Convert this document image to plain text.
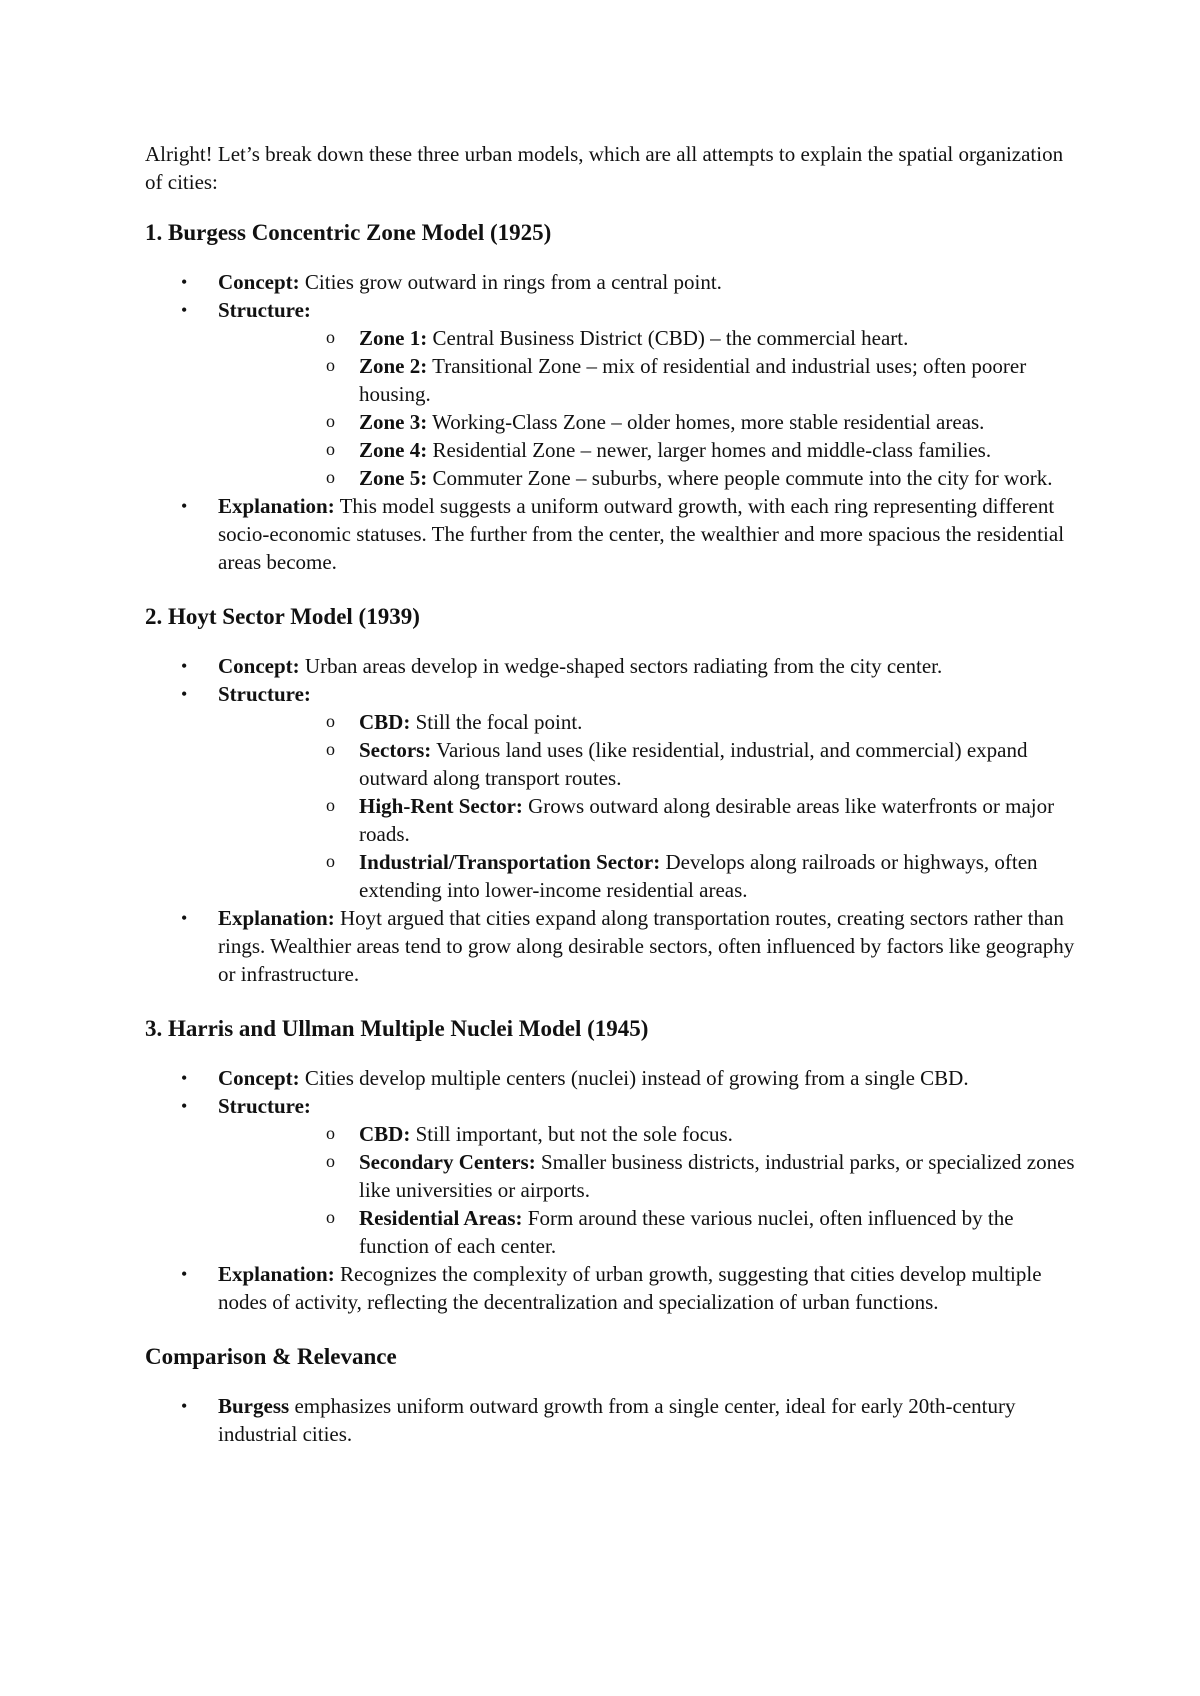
Alright! Let’s break down these three urban models, which are all attempts to explain the spatial organization of cities:

1. Burgess Concentric Zone Model (1925)
• Concept: Cities grow outward in rings from a central point.
• Structure:
o	Zone 1: Central Business District (CBD) – the commercial heart.
o	Zone 2: Transitional Zone – mix of residential and industrial uses; often poorer housing.
o	Zone 3: Working-Class Zone – older homes, more stable residential areas.
o	Zone 4: Residential Zone – newer, larger homes and middle-class families.
o	Zone 5: Commuter Zone – suburbs, where people commute into the city for work.
• Explanation: This model suggests a uniform outward growth, with each ring representing different socio-economic statuses. The further from the center, the wealthier and more spacious the residential areas become.
2. Hoyt Sector Model (1939)
• Concept: Urban areas develop in wedge-shaped sectors radiating from the city center.
• Structure:
o	CBD: Still the focal point.
o	Sectors: Various land uses (like residential, industrial, and commercial) expand outward along transport routes.
o	High-Rent Sector: Grows outward along desirable areas like waterfronts or major roads.
o	Industrial/Transportation Sector: Develops along railroads or highways, often extending into lower-income residential areas.
• Explanation: Hoyt argued that cities expand along transportation routes, creating sectors rather than rings. Wealthier areas tend to grow along desirable sectors, often influenced by factors like geography or infrastructure.
3. Harris and Ullman Multiple Nuclei Model (1945)
• Concept: Cities develop multiple centers (nuclei) instead of growing from a single CBD.
• Structure:
o	CBD: Still important, but not the sole focus.
o	Secondary Centers: Smaller business districts, industrial parks, or specialized zones like universities or airports.
o	Residential Areas: Form around these various nuclei, often influenced by the function of each center.
• Explanation: Recognizes the complexity of urban growth, suggesting that cities develop multiple nodes of activity, reflecting the decentralization and specialization of urban functions.
Comparison & Relevance
• Burgess emphasizes uniform outward growth from a single center, ideal for early 20th-century industrial cities.
